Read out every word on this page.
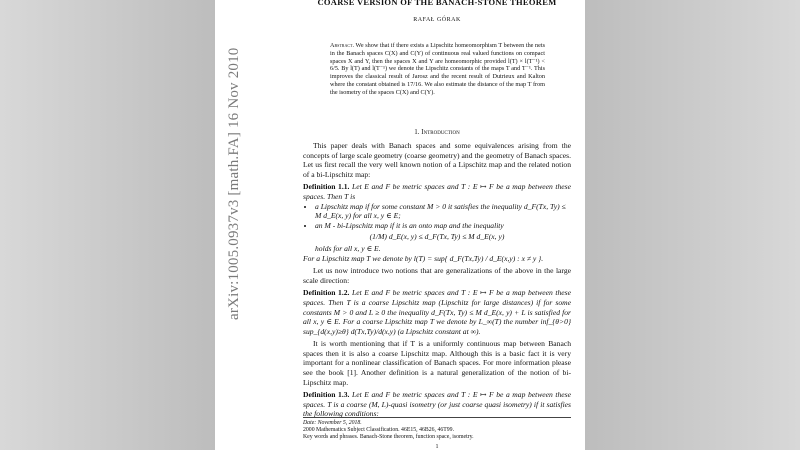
arXiv:1005.0937v3 [math.FA] 16 Nov 2010
COARSE VERSION OF THE BANACH-STONE THEOREM
RAFAŁ GÓRAK
Abstract. We show that if there exists a Lipschitz homeomorphism T between the nets in the Banach spaces C(X) and C(Y) of continuous real valued functions on compact spaces X and Y, then the spaces X and Y are homeomorphic provided l(T) × l(T⁻¹) < 6/5. By l(T) and l(T⁻¹) we denote the Lipschitz constants of the maps T and T⁻¹. This improves the classical result of Jarosz and the recent result of Dutrieux and Kalton where the constant obtained is 17/16. We also estimate the distance of the map T from the isometry of the spaces C(X) and C(Y).
1. Introduction

This paper deals with Banach spaces and some equivalences arising from the concepts of large scale geometry (coarse geometry) and the geometry of Banach spaces. Let us first recall the very well known notion of a Lipschitz map and the related notion of a bi-Lipschitz map:

Definition 1.1. Let E and F be metric spaces and T : E ↦ F be a map between these spaces. Then T is

• a Lipschitz map if for some constant M > 0 it satisfies the inequality d_F(Tx, Ty) ≤ M d_E(x, y) for all x, y ∈ E;
• an M - bi-Lipschitz map if it is an onto map and the inequality

(1/M) d_E(x, y) ≤ d_F(Tx, Ty) ≤ M d_E(x, y)

holds for all x, y ∈ E.

For a Lipschitz map T we denote by l(T) = sup{ d_F(Tx,Ty) / d_E(x,y) : x ≠ y }.

Let us now introduce two notions that are generalizations of the above in the large scale direction:

Definition 1.2. Let E and F be metric spaces and T : E ↦ F be a map between these spaces. Then T is a coarse Lipschitz map (Lipschitz for large distances) if for some constants M > 0 and L ≥ 0 the inequality d_F(Tx, Ty) ≤ M d_E(x, y) + L is satisfied for all x, y ∈ E. For a coarse Lipschitz map T we denote by L_∞(T) the number inf_{θ>0} sup_{d(x,y)≥θ} d(Tx,Ty)/d(x,y) (a Lipschitz constant at ∞).

It is worth mentioning that if T is a uniformly continuous map between Banach spaces then it is also a coarse Lipschitz map. Although this is a basic fact it is very important for a nonlinear classification of Banach spaces. For more information please see the book [1]. Another definition is a natural generalization of the notion of bi-Lipschitz map.

Definition 1.3. Let E and F be metric spaces and T : E ↦ F be a map between these spaces. T is a coarse (M, L)-quasi isometry (or just coarse quasi isometry) if it satisfies the following conditions:

Date: November 5, 2018.
2000 Mathematics Subject Classification. 46E15, 46B26, 46T99.
Key words and phrases. Banach-Stone theorem, function space, isometry.
1
